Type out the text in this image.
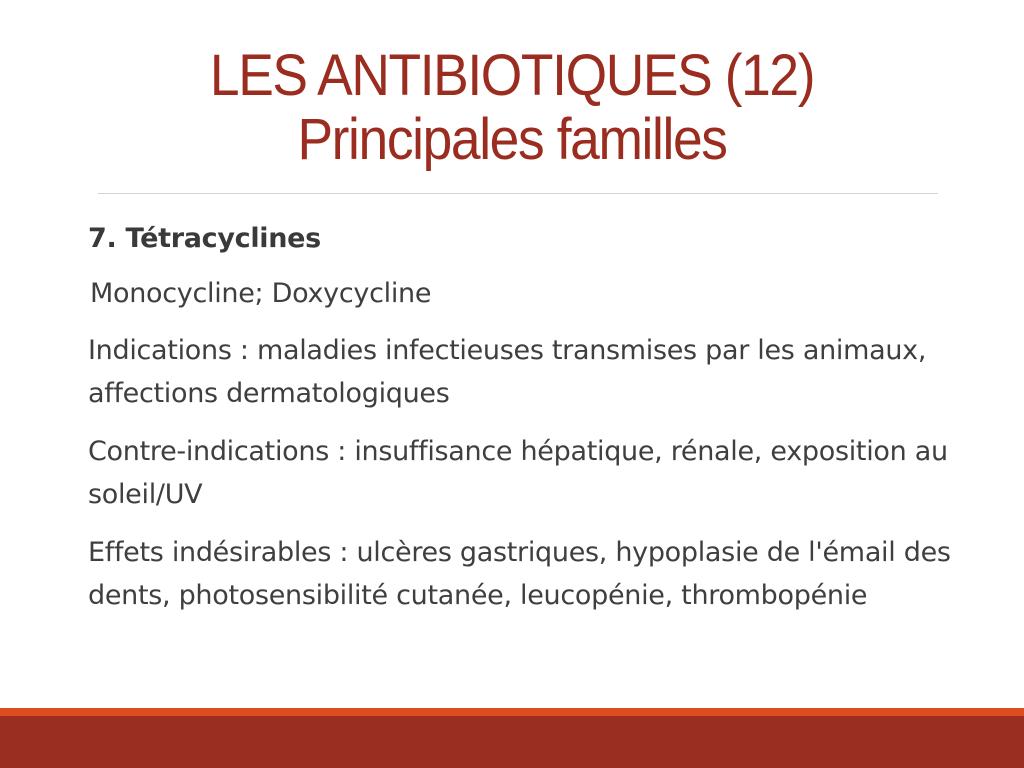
LES ANTIBIOTIQUES (12)
Principales familles

7. Tétracyclines

Monocycline; Doxycycline

Indications : maladies infectieuses transmises par les animaux, affections dermatologiques

Contre-indications : insuffisance hépatique, rénale, exposition au soleil/UV

Effets indésirables : ulcères gastriques, hypoplasie de l'émail des dents, photosensibilité cutanée, leucopénie, thrombopénie
